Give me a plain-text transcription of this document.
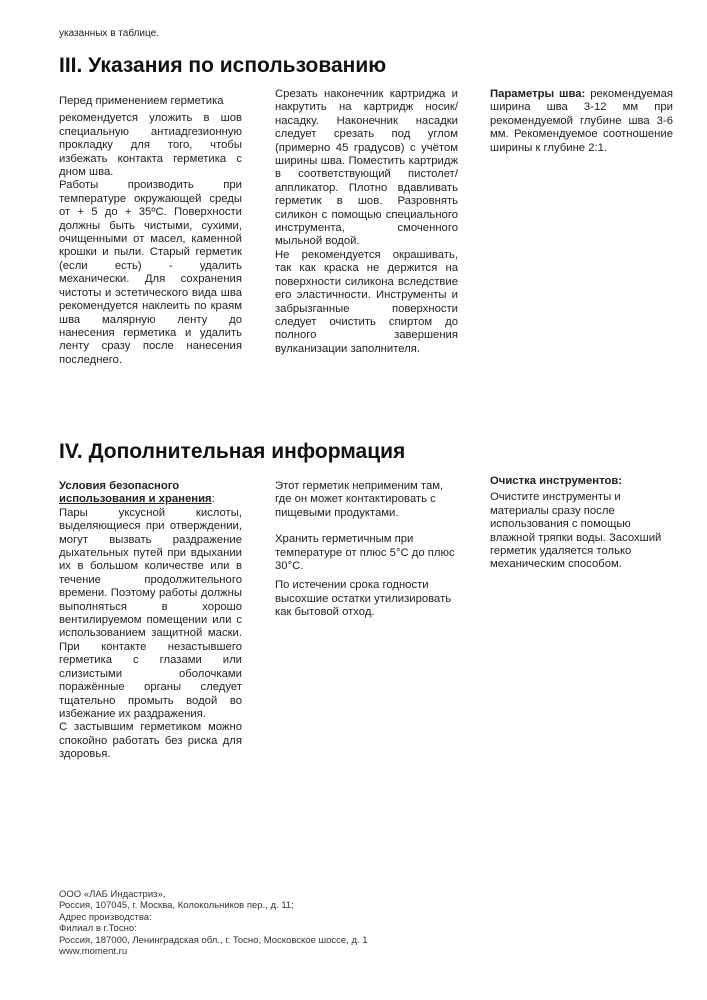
указанных в таблице.
III. Указания по использованию

Перед применением герметика

рекомендуется уложить в шов специальную антиадгезионную прокладку для того, чтобы избежать контакта герметика с дном шва.

Работы производить при температуре окружающей среды от + 5 до + 35ºС. Поверхности должны быть чистыми, сухими, очищенными от масел, каменной крошки и пыли. Старый герметик (если есть) - удалить механически. Для сохранения чистоты и эстетического вида шва рекомендуется наклеить по краям шва малярную ленту до нанесения герметика и удалить ленту сразу после нанесения последнего.

Срезать наконечник картриджа и накрутить на картридж носик/насадку. Наконечник насадки следует срезать под углом (примерно 45 градусов) с учётом ширины шва. Поместить картридж в соответствующий пистолет/аппликатор. Плотно вдавливать герметик в шов. Разровнять силикон с помощью специального инструмента, смоченного мыльной водой.

Не рекомендуется окрашивать, так как краска не держится на поверхности силикона вследствие его эластичности. Инструменты и забрызганные поверхности следует очистить спиртом до полного завершения вулканизации заполнителя.

Параметры шва: рекомендуемая ширина шва 3-12 мм при рекомендуемой глубине шва 3-6 мм. Рекомендуемое соотношение ширины к глубине 2:1.

IV. Дополнительная информация

Условия безопасного
использования и хранения:

Пары уксусной кислоты, выделяющиеся при отверждении, могут вызвать раздражение дыхательных путей при вдыхании их в большом количестве или в течение продолжительного времени. Поэтому работы должны выполняться в хорошо вентилируемом помещении или с использованием защитной маски. При контакте незастывшего герметика с глазами или слизистыми оболочками поражённые органы следует тщательно промыть водой во избежание их раздражения.

С застывшим герметиком можно спокойно работать без риска для здоровья.

Этот герметик неприменим там, где он может контактировать с пищевыми продуктами.

Хранить герметичным при температуре от плюс 5°С до плюс 30°С.

По истечении срока годности высохшие остатки утилизировать как бытовой отход.

Очистка инструментов:

Очистите инструменты и материалы сразу после использования с помощью влажной тряпки воды. Засохший герметик удаляется только механическим способом.

ООО «ЛАБ Индастриз»,
Россия, 107045, г. Москва, Колокольников пер., д. 11;
Адрес производства:
Филиал в г.Тосно:
Россия, 187000, Ленинградская обл., г. Тосно, Московское шоссе, д. 1
www.moment.ru
